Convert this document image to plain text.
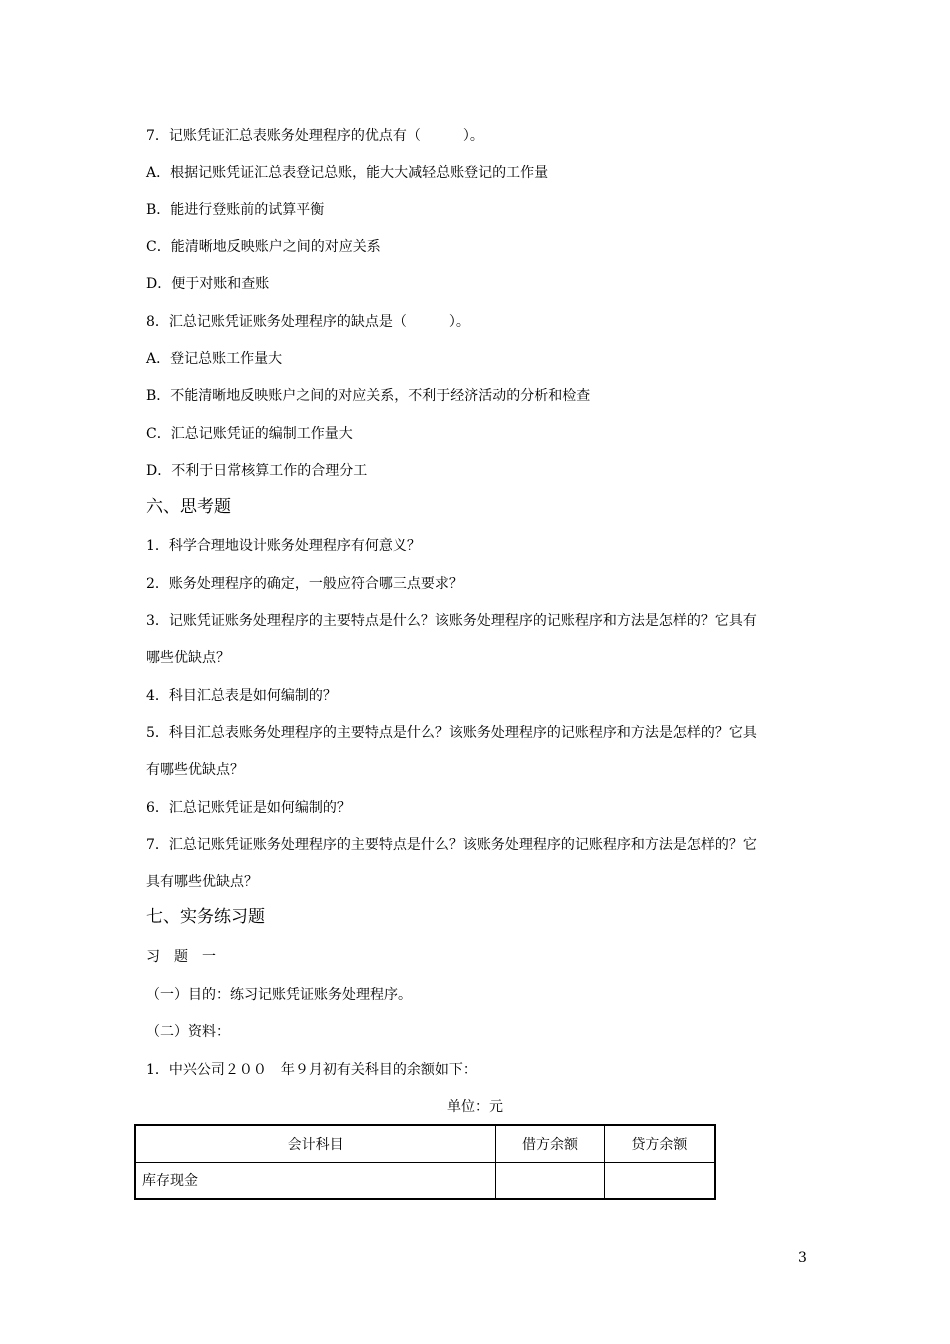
7．记账凭证汇总表账务处理程序的优点有（　　　）。
A．根据记账凭证汇总表登记总账，能大大减轻总账登记的工作量
B．能进行登账前的试算平衡
C．能清晰地反映账户之间的对应关系
D．便于对账和查账
8．汇总记账凭证账务处理程序的缺点是（　　　）。
A．登记总账工作量大
B．不能清晰地反映账户之间的对应关系，不利于经济活动的分析和检查
C．汇总记账凭证的编制工作量大
D．不利于日常核算工作的合理分工
六、思考题
1．科学合理地设计账务处理程序有何意义？
2．账务处理程序的确定，一般应符合哪三点要求？
3．记账凭证账务处理程序的主要特点是什么？该账务处理程序的记账程序和方法是怎样的？它具有
哪些优缺点？
4．科目汇总表是如何编制的？
5．科目汇总表账务处理程序的主要特点是什么？该账务处理程序的记账程序和方法是怎样的？它具
有哪些优缺点？
6．汇总记账凭证是如何编制的？
7．汇总记账凭证账务处理程序的主要特点是什么？该账务处理程序的记账程序和方法是怎样的？它
具有哪些优缺点？
七、实务练习题
习　题　一
（一）目的：练习记账凭证账务处理程序。
（二）资料：
1．中兴公司２００　年９月初有关科目的余额如下：
单位：元
会计科目	借方余额	贷方余额
库存现金		
3
